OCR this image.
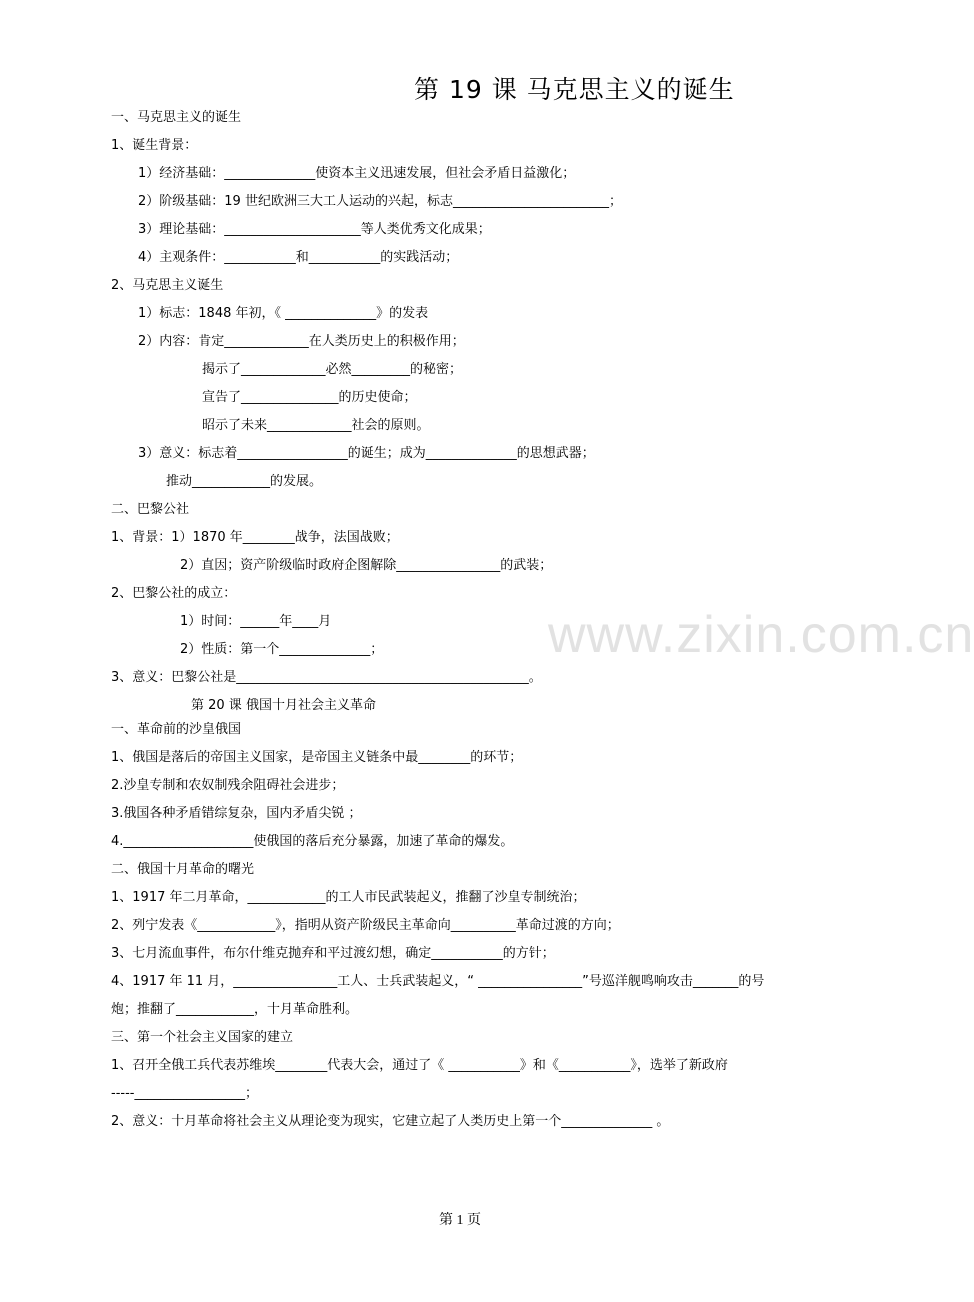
第 19 课 马克思主义的诞生
一、马克思主义的诞生
1、诞生背景：
1）经济基础：______________使资本主义迅速发展，但社会矛盾日益激化；
2）阶级基础：19 世纪欧洲三大工人运动的兴起，标志________________________；
3）理论基础：_____________________等人类优秀文化成果；
4）主观条件：___________和___________的实践活动；
2、马克思主义诞生
1）标志：1848 年初，《 ______________》的发表
2）内容：肯定_____________在人类历史上的积极作用；
揭示了_____________必然_________的秘密；
宣告了_______________的历史使命；
昭示了未来_____________社会的原则。
3）意义：标志着_________________的诞生；成为______________的思想武器；
推动____________的发展。
二、巴黎公社
1、背景：1）1870 年________战争，法国战败；
2）直因；资产阶级临时政府企图解除________________的武装；
2、巴黎公社的成立：
1）时间：______年____月
2）性质：第一个______________；
3、意义：巴黎公社是_____________________________________________。
第 20 课 俄国十月社会主义革命
一、革命前的沙皇俄国
1、俄国是落后的帝国主义国家，是帝国主义链条中最________的环节；
2.沙皇专制和农奴制残余阻碍社会进步；
3.俄国各种矛盾错综复杂，国内矛盾尖锐 ；
4.____________________使俄国的落后充分暴露，加速了革命的爆发。
二、俄国十月革命的曙光
1、1917 年二月革命，____________的工人市民武装起义，推翻了沙皇专制统治；
2、列宁发表《____________》，指明从资产阶级民主革命向__________革命过渡的方向；
3、七月流血事件，布尔什维克抛弃和平过渡幻想，确定___________的方针；
4、1917 年 11 月，________________工人、士兵武装起义，“ ________________”号巡洋舰鸣响攻击_______的号
炮；推翻了____________，十月革命胜利。
三、第一个社会主义国家的建立
1、召开全俄工兵代表苏维埃________代表大会，通过了《 ___________》和《___________》，选举了新政府
-----_________________；
2、意义：十月革命将社会主义从理论变为现实，它建立起了人类历史上第一个______________ 。
www.zixin.com.cn
第 1 页
